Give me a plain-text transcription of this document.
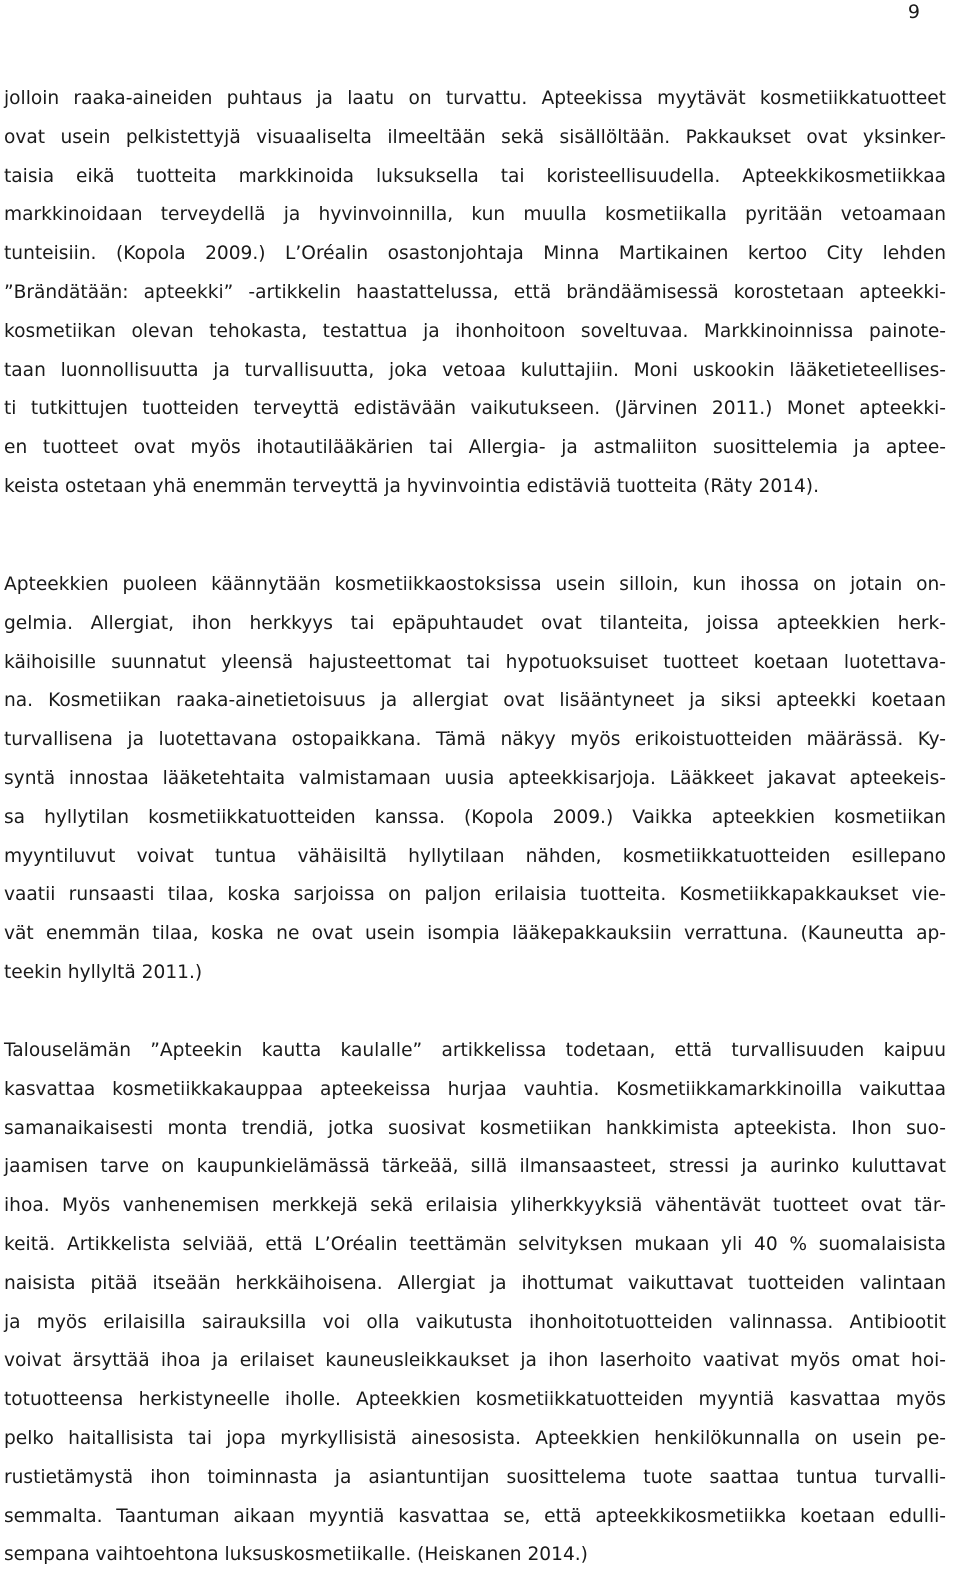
9
jolloin raaka-aineiden puhtaus ja laatu on turvattu. Apteekissa myytävät kosmetiikkatuotteet
ovat usein pelkistettyjä visuaaliselta ilmeeltään sekä sisällöltään. Pakkaukset ovat yksinker-
taisia eikä tuotteita markkinoida luksuksella tai koristeellisuudella. Apteekkikosmetiikkaa
markkinoidaan terveydellä ja hyvinvoinnilla, kun muulla kosmetiikalla pyritään vetoamaan
tunteisiin. (Kopola 2009.) L’Oréalin osastonjohtaja Minna Martikainen kertoo City lehden
”Brändätään: apteekki” -artikkelin haastattelussa, että brändäämisessä korostetaan apteekki-
kosmetiikan olevan tehokasta, testattua ja ihonhoitoon soveltuvaa. Markkinoinnissa painote-
taan luonnollisuutta ja turvallisuutta, joka vetoaa kuluttajiin. Moni uskookin lääketieteellises-
ti tutkittujen tuotteiden terveyttä edistävään vaikutukseen. (Järvinen 2011.) Monet apteekki-
en tuotteet ovat myös ihotautilääkärien tai Allergia- ja astmaliiton suosittelemia ja aptee-
keista ostetaan yhä enemmän terveyttä ja hyvinvointia edistäviä tuotteita (Räty 2014).
Apteekkien puoleen käännytään kosmetiikkaostoksissa usein silloin, kun ihossa on jotain on-
gelmia. Allergiat, ihon herkkyys tai epäpuhtaudet ovat tilanteita, joissa apteekkien herk-
käihoisille suunnatut yleensä hajusteettomat tai hypotuoksuiset tuotteet koetaan luotettava-
na. Kosmetiikan raaka-ainetietoisuus ja allergiat ovat lisääntyneet ja siksi apteekki koetaan
turvallisena ja luotettavana ostopaikkana. Tämä näkyy myös erikoistuotteiden määrässä. Ky-
syntä innostaa lääketehtaita valmistamaan uusia apteekkisarjoja. Lääkkeet jakavat apteekeis-
sa hyllytilan kosmetiikkatuotteiden kanssa. (Kopola 2009.) Vaikka apteekkien kosmetiikan
myyntiluvut voivat tuntua vähäisiltä hyllytilaan nähden, kosmetiikkatuotteiden esillepano
vaatii runsaasti tilaa, koska sarjoissa on paljon erilaisia tuotteita. Kosmetiikkapakkaukset vie-
vät enemmän tilaa, koska ne ovat usein isompia lääkepakkauksiin verrattuna. (Kauneutta ap-
teekin hyllyltä 2011.)
Talouselämän ”Apteekin kautta kaulalle” artikkelissa todetaan, että turvallisuuden kaipuu
kasvattaa kosmetiikkakauppaa apteekeissa hurjaa vauhtia. Kosmetiikkamarkkinoilla vaikuttaa
samanaikaisesti monta trendiä, jotka suosivat kosmetiikan hankkimista apteekista. Ihon suo-
jaamisen tarve on kaupunkielämässä tärkeää, sillä ilmansaasteet, stressi ja aurinko kuluttavat
ihoa. Myös vanhenemisen merkkejä sekä erilaisia yliherkkyyksiä vähentävät tuotteet ovat tär-
keitä. Artikkelista selviää, että L’Oréalin teettämän selvityksen mukaan yli 40 % suomalaisista
naisista pitää itseään herkkäihoisena. Allergiat ja ihottumat vaikuttavat tuotteiden valintaan
ja myös erilaisilla sairauksilla voi olla vaikutusta ihonhoitotuotteiden valinnassa. Antibiootit
voivat ärsyttää ihoa ja erilaiset kauneusleikkaukset ja ihon laserhoito vaativat myös omat hoi-
totuotteensa herkistyneelle iholle. Apteekkien kosmetiikkatuotteiden myyntiä kasvattaa myös
pelko haitallisista tai jopa myrkyllisistä ainesosista. Apteekkien henkilökunnalla on usein pe-
rustietämystä ihon toiminnasta ja asiantuntijan suosittelema tuote saattaa tuntua turvalli-
semmalta. Taantuman aikaan myyntiä kasvattaa se, että apteekkikosmetiikka koetaan edulli-
sempana vaihtoehtona luksuskosmetiikalle. (Heiskanen 2014.)
